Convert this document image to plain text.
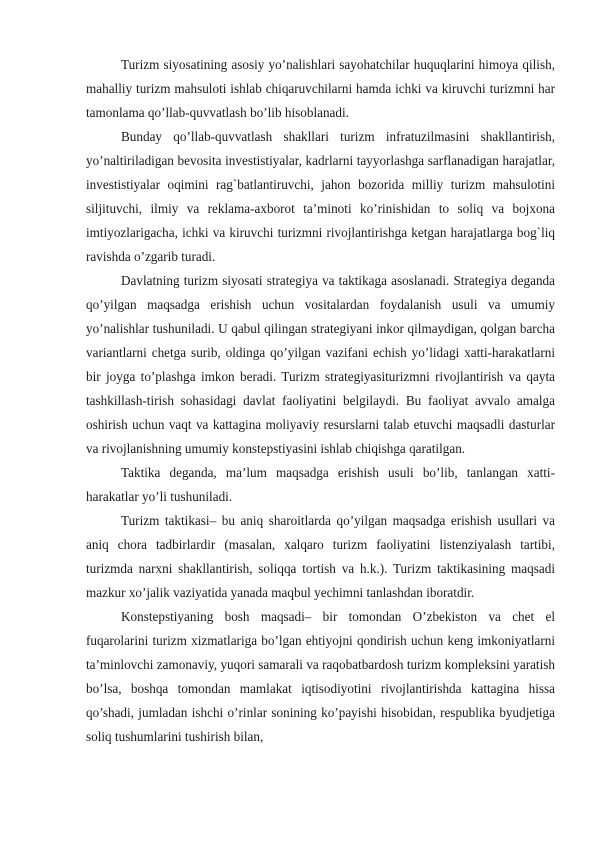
Turizm siyosatining asosiy yo’nalishlari sayohatchilar huquqlarini himoya qilish, mahalliy turizm mahsuloti ishlab chiqaruvchilarni hamda ichki va kiruvchi turizmni har tamonlama qo’llab-quvvatlash bo’lib hisoblanadi.

Bunday qo’llab-quvvatlash shakllari turizm infratuzilmasini shakllantirish, yo’naltiriladigan bevosita investistiyalar, kadrlarni tayyorlashga sarflanadigan harajatlar, investistiyalar oqimini rag`batlantiruvchi, jahon bozorida milliy turizm mahsulotini siljituvchi, ilmiy va reklama-axborot ta’minoti ko’rinishidan to soliq va bojxona imtiyozlarigacha, ichki va kiruvchi turizmni rivojlantirishga ketgan harajatlarga bog`liq ravishda o’zgarib turadi.

Davlatning turizm siyosati strategiya va taktikaga asoslanadi. Strategiya deganda qo’yilgan maqsadga erishish uchun vositalardan foydalanish usuli va umumiy yo’nalishlar tushuniladi. U qabul qilingan strategiyani inkor qilmaydigan, qolgan barcha variantlarni chetga surib, oldinga qo’yilgan vazifani echish yo’lidagi xatti-harakatlarni bir joyga to’plashga imkon beradi. Turizm strategiyasiturizmni rivojlantirish va qayta tashkillash-tirish sohasidagi davlat faoliyatini belgilaydi. Bu faoliyat avvalo amalga oshirish uchun vaqt va kattagina moliyaviy resurslarni talab etuvchi maqsadli dasturlar va rivojlanishning umumiy konstepstiyasini ishlab chiqishga qaratilgan.

Taktika deganda, ma’lum maqsadga erishish usuli bo’lib, tanlangan xatti-harakatlar yo’li tushuniladi.

Turizm taktikasi– bu aniq sharoitlarda qo’yilgan maqsadga erishish usullari va aniq chora tadbirlardir (masalan, xalqaro turizm faoliyatini listenziyalash tartibi, turizmda narxni shakllantirish, soliqqa tortish va h.k.). Turizm taktikasining maqsadi mazkur xo’jalik vaziyatida yanada maqbul yechimni tanlashdan iboratdir.

Konstepstiyaning bosh maqsadi– bir tomondan O’zbekiston va chet el fuqarolarini turizm xizmatlariga bo’lgan ehtiyojni qondirish uchun keng imkoniyatlarni ta’minlovchi zamonaviy, yuqori samarali va raqobatbardosh turizm kompleksini yaratish bo’lsa, boshqa tomondan mamlakat iqtisodiyotini rivojlantirishda kattagina hissa qo’shadi, jumladan ishchi o’rinlar sonining ko’payishi hisobidan, respublika byudjetiga soliq tushumlarini tushirish bilan,
